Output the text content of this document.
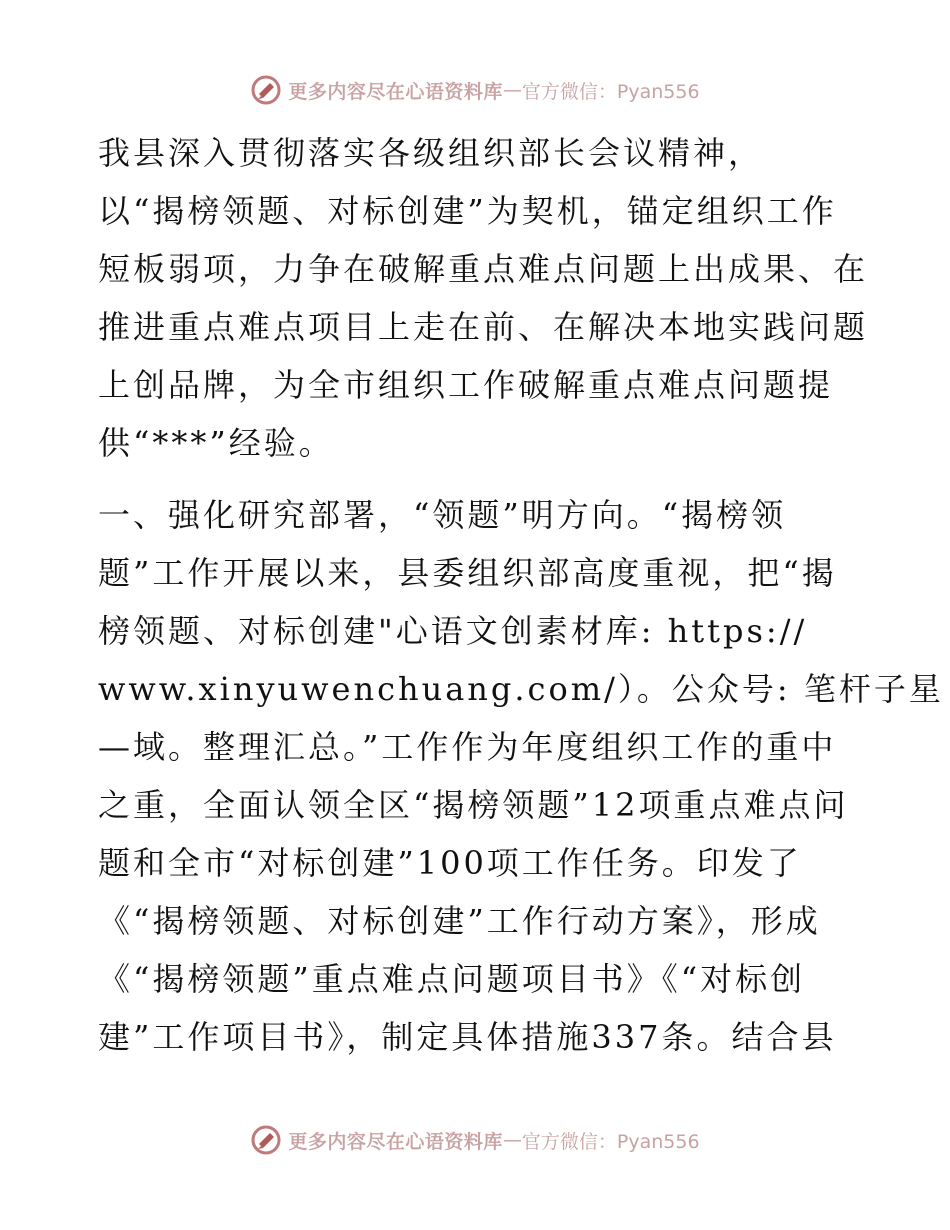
更多内容尽在心语资料库 — 官方微信：Pyan556
我县深入贯彻落实各级组织部长会议精神，
以“揭榜领题、对标创建”为契机，锚定组织工作
短板弱项，力争在破解重点难点问题上出成果、在
推进重点难点项目上走在前、在解决本地实践问题
上创品牌，为全市组织工作破解重点难点问题提
供“***”经验。
一、强化研究部署，“领题”明方向。“揭榜领
题”工作开展以来，县委组织部高度重视，把“揭
榜领题、对标创建"心语文创素材库: https://
www.xinyuwenchuang.com/）。公众号: 笔杆子星
—域。整理汇总。”工作作为年度组织工作的重中
之重，全面认领全区“揭榜领题”12项重点难点问
题和全市“对标创建”100项工作任务。印发了
《“揭榜领题、对标创建”工作行动方案》，形成
《“揭榜领题”重点难点问题项目书》《“对标创
建”工作项目书》，制定具体措施337条。结合县
更多内容尽在心语资料库 — 官方微信：Pyan556
